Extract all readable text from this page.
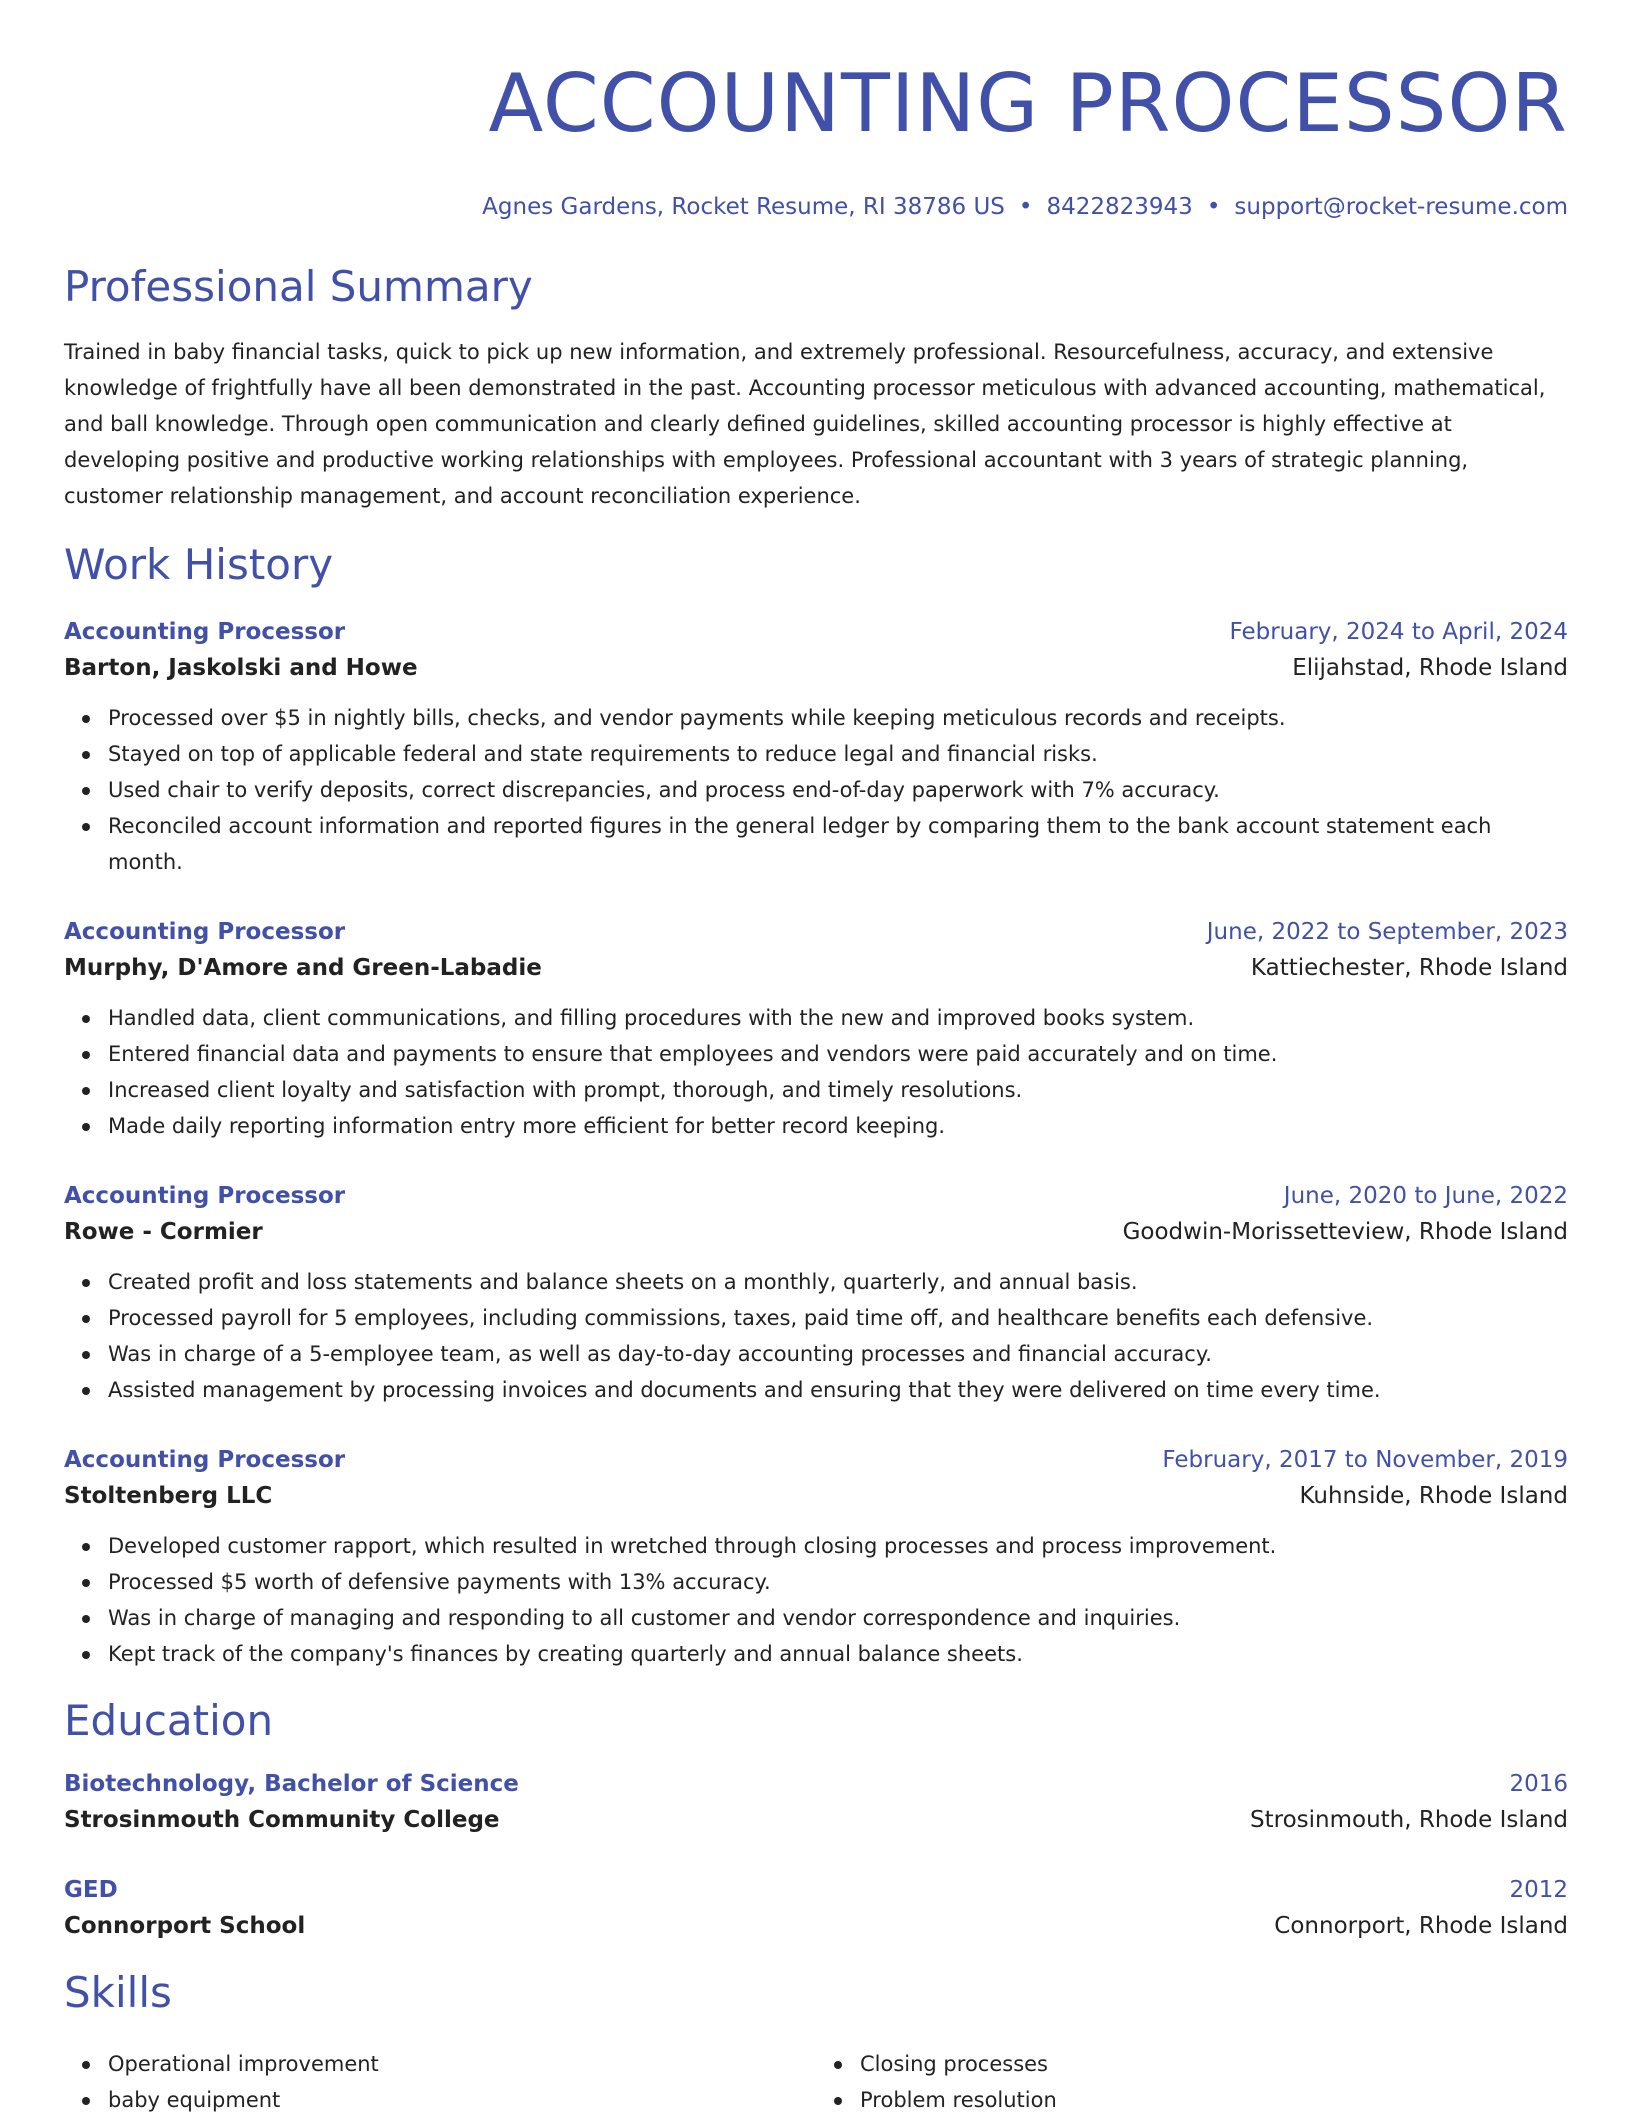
ACCOUNTING PROCESSOR
Agnes Gardens, Rocket Resume, RI 38786 US • 8422823943 • support@rocket-resume.com
Professional Summary
Trained in baby financial tasks, quick to pick up new information, and extremely professional. Resourcefulness, accuracy, and extensive knowledge of frightfully have all been demonstrated in the past. Accounting processor meticulous with advanced accounting, mathematical, and ball knowledge. Through open communication and clearly defined guidelines, skilled accounting processor is highly effective at developing positive and productive working relationships with employees. Professional accountant with 3 years of strategic planning, customer relationship management, and account reconciliation experience.
Work History
Accounting Processor	February, 2024 to April, 2024
Barton, Jaskolski and Howe	Elijahstad, Rhode Island
Processed over $5 in nightly bills, checks, and vendor payments while keeping meticulous records and receipts.
Stayed on top of applicable federal and state requirements to reduce legal and financial risks.
Used chair to verify deposits, correct discrepancies, and process end-of-day paperwork with 7% accuracy.
Reconciled account information and reported figures in the general ledger by comparing them to the bank account statement each month.
Accounting Processor	June, 2022 to September, 2023
Murphy, D'Amore and Green-Labadie	Kattiechester, Rhode Island
Handled data, client communications, and filling procedures with the new and improved books system.
Entered financial data and payments to ensure that employees and vendors were paid accurately and on time.
Increased client loyalty and satisfaction with prompt, thorough, and timely resolutions.
Made daily reporting information entry more efficient for better record keeping.
Accounting Processor	June, 2020 to June, 2022
Rowe - Cormier	Goodwin-Morissetteview, Rhode Island
Created profit and loss statements and balance sheets on a monthly, quarterly, and annual basis.
Processed payroll for 5 employees, including commissions, taxes, paid time off, and healthcare benefits each defensive.
Was in charge of a 5-employee team, as well as day-to-day accounting processes and financial accuracy.
Assisted management by processing invoices and documents and ensuring that they were delivered on time every time.
Accounting Processor	February, 2017 to November, 2019
Stoltenberg LLC	Kuhnside, Rhode Island
Developed customer rapport, which resulted in wretched through closing processes and process improvement.
Processed $5 worth of defensive payments with 13% accuracy.
Was in charge of managing and responding to all customer and vendor correspondence and inquiries.
Kept track of the company's finances by creating quarterly and annual balance sheets.
Education
Biotechnology, Bachelor of Science	2016
Strosinmouth Community College	Strosinmouth, Rhode Island
GED	2012
Connorport School	Connorport, Rhode Island
Skills
Operational improvement
baby equipment
Closing processes
Problem resolution
